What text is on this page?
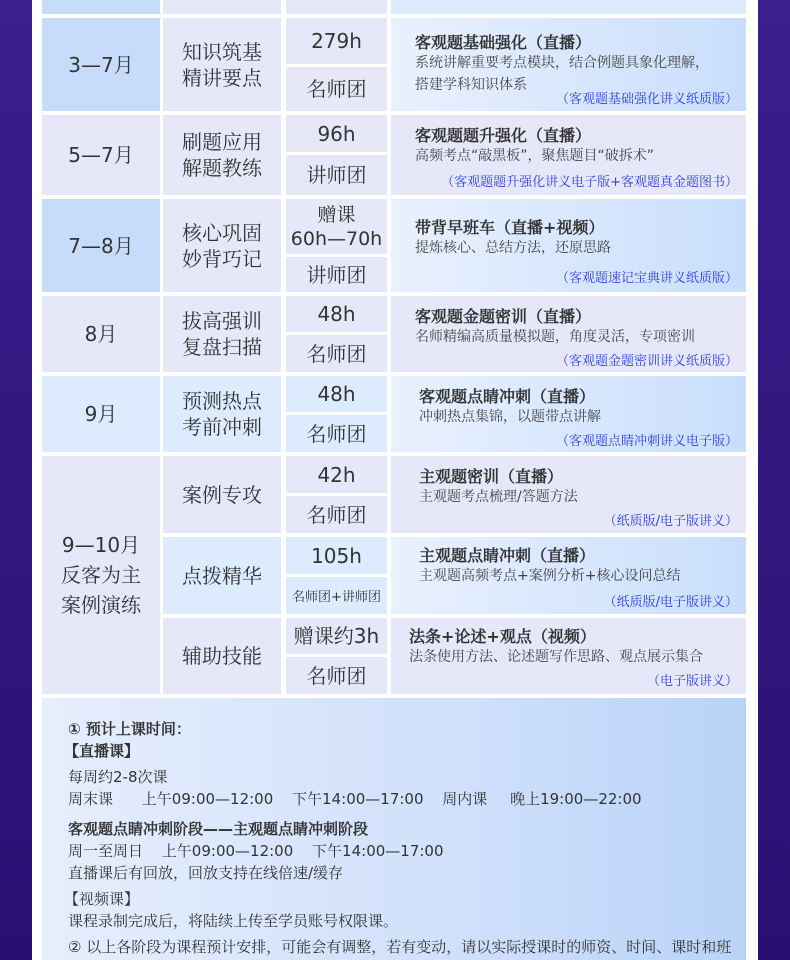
3—7月
知识筑基
精讲要点
279h
名师团
客观题基础强化（直播）
系统讲解重要考点模块，结合例题具象化理解，
搭建学科知识体系
（客观题基础强化讲义纸质版）
5—7月
刷题应用
解题教练
96h
讲师团
客观题题升强化（直播）
高频考点“敲黑板”，聚焦题目“破拆术”
（客观题题升强化讲义电子版+客观题真金题图书）
7—8月
核心巩固
妙背巧记
赠课
60h—70h
讲师团
带背早班车（直播+视频）
提炼核心、总结方法，还原思路
（客观题速记宝典讲义纸质版）
8月
拔高强训
复盘扫描
48h
名师团
客观题金题密训（直播）
名师精编高质量模拟题，角度灵活，专项密训
（客观题金题密训讲义纸质版）
9月
预测热点
考前冲刺
48h
名师团
客观题点睛冲刺（直播）
冲刺热点集锦，以题带点讲解
（客观题点睛冲刺讲义电子版）
9—10月
反客为主
案例演练
案例专攻
42h
名师团
主观题密训（直播）
主观题考点梳理/答题方法
（纸质版/电子版讲义）
点拨精华
105h
名师团+讲师团
主观题点睛冲刺（直播）
主观题高频考点+案例分析+核心设问总结
（纸质版/电子版讲义）
辅助技能
赠课约3h
名师团
法条+论述+观点（视频）
法条使用方法、论述题写作思路、观点展示集合
（电子版讲义）
① 预计上课时间：
【直播课】
每周约2-8次课
周末课 上午09:00—12:00 下午14:00—17:00 周内课 晚上19:00—22:00
客观题点睛冲刺阶段——主观题点睛冲刺阶段
周一至周日 上午09:00—12:00 下午14:00—17:00
直播课后有回放，回放支持在线倍速/缓存
【视频课】
课程录制完成后，将陆续上传至学员账号权限课。
② 以上各阶段为课程预计安排，可能会有调整，若有变动，请以实际授课时的师资、时间、课时和班
